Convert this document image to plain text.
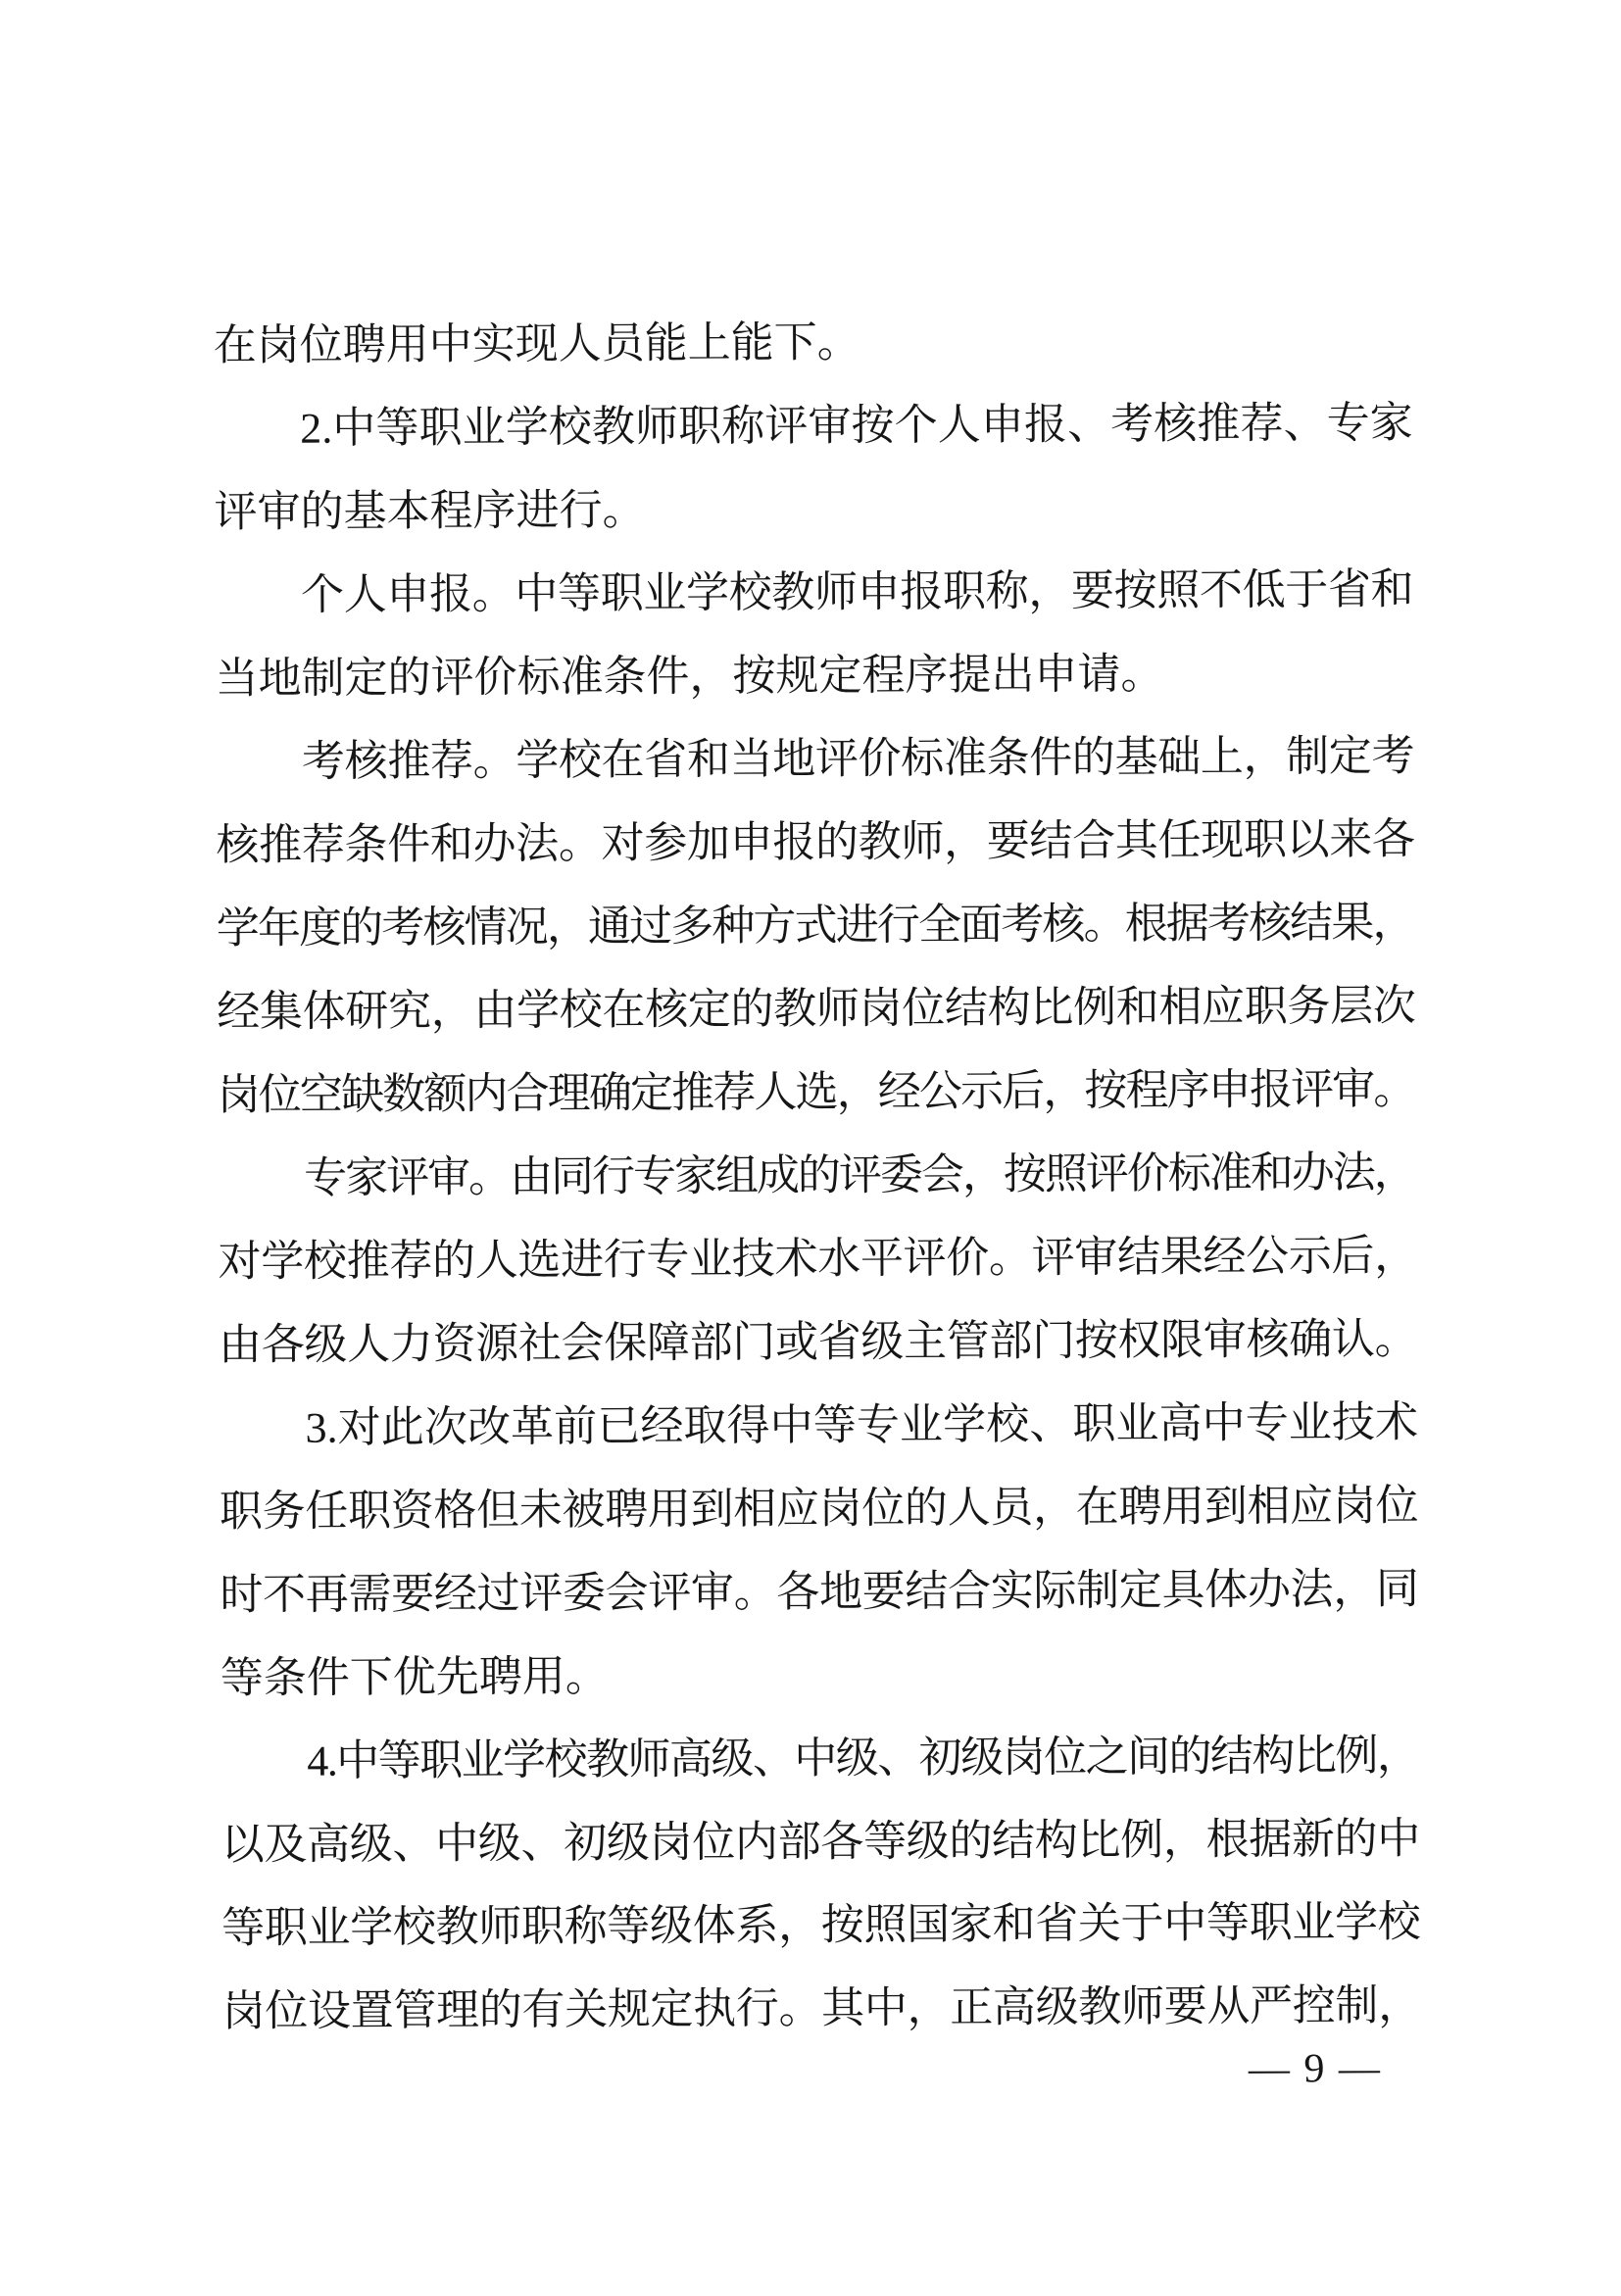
在岗位聘用中实现人员能上能下。
2.中等职业学校教师职称评审按个人申报、考核推荐、专家
评审的基本程序进行。
个人申报。中等职业学校教师申报职称，要按照不低于省和
当地制定的评价标准条件，按规定程序提出申请。
考核推荐。学校在省和当地评价标准条件的基础上，制定考
核推荐条件和办法。对参加申报的教师，要结合其任现职以来各
学年度的考核情况，通过多种方式进行全面考核。根据考核结果，
经集体研究，由学校在核定的教师岗位结构比例和相应职务层次
岗位空缺数额内合理确定推荐人选，经公示后，按程序申报评审。
专家评审。由同行专家组成的评委会，按照评价标准和办法，
对学校推荐的人选进行专业技术水平评价。评审结果经公示后，
由各级人力资源社会保障部门或省级主管部门按权限审核确认。
3.对此次改革前已经取得中等专业学校、职业高中专业技术
职务任职资格但未被聘用到相应岗位的人员，在聘用到相应岗位
时不再需要经过评委会评审。各地要结合实际制定具体办法，同
等条件下优先聘用。
4.中等职业学校教师高级、中级、初级岗位之间的结构比例，
以及高级、中级、初级岗位内部各等级的结构比例，根据新的中
等职业学校教师职称等级体系，按照国家和省关于中等职业学校
岗位设置管理的有关规定执行。其中，正高级教师要从严控制，
— 9 —
